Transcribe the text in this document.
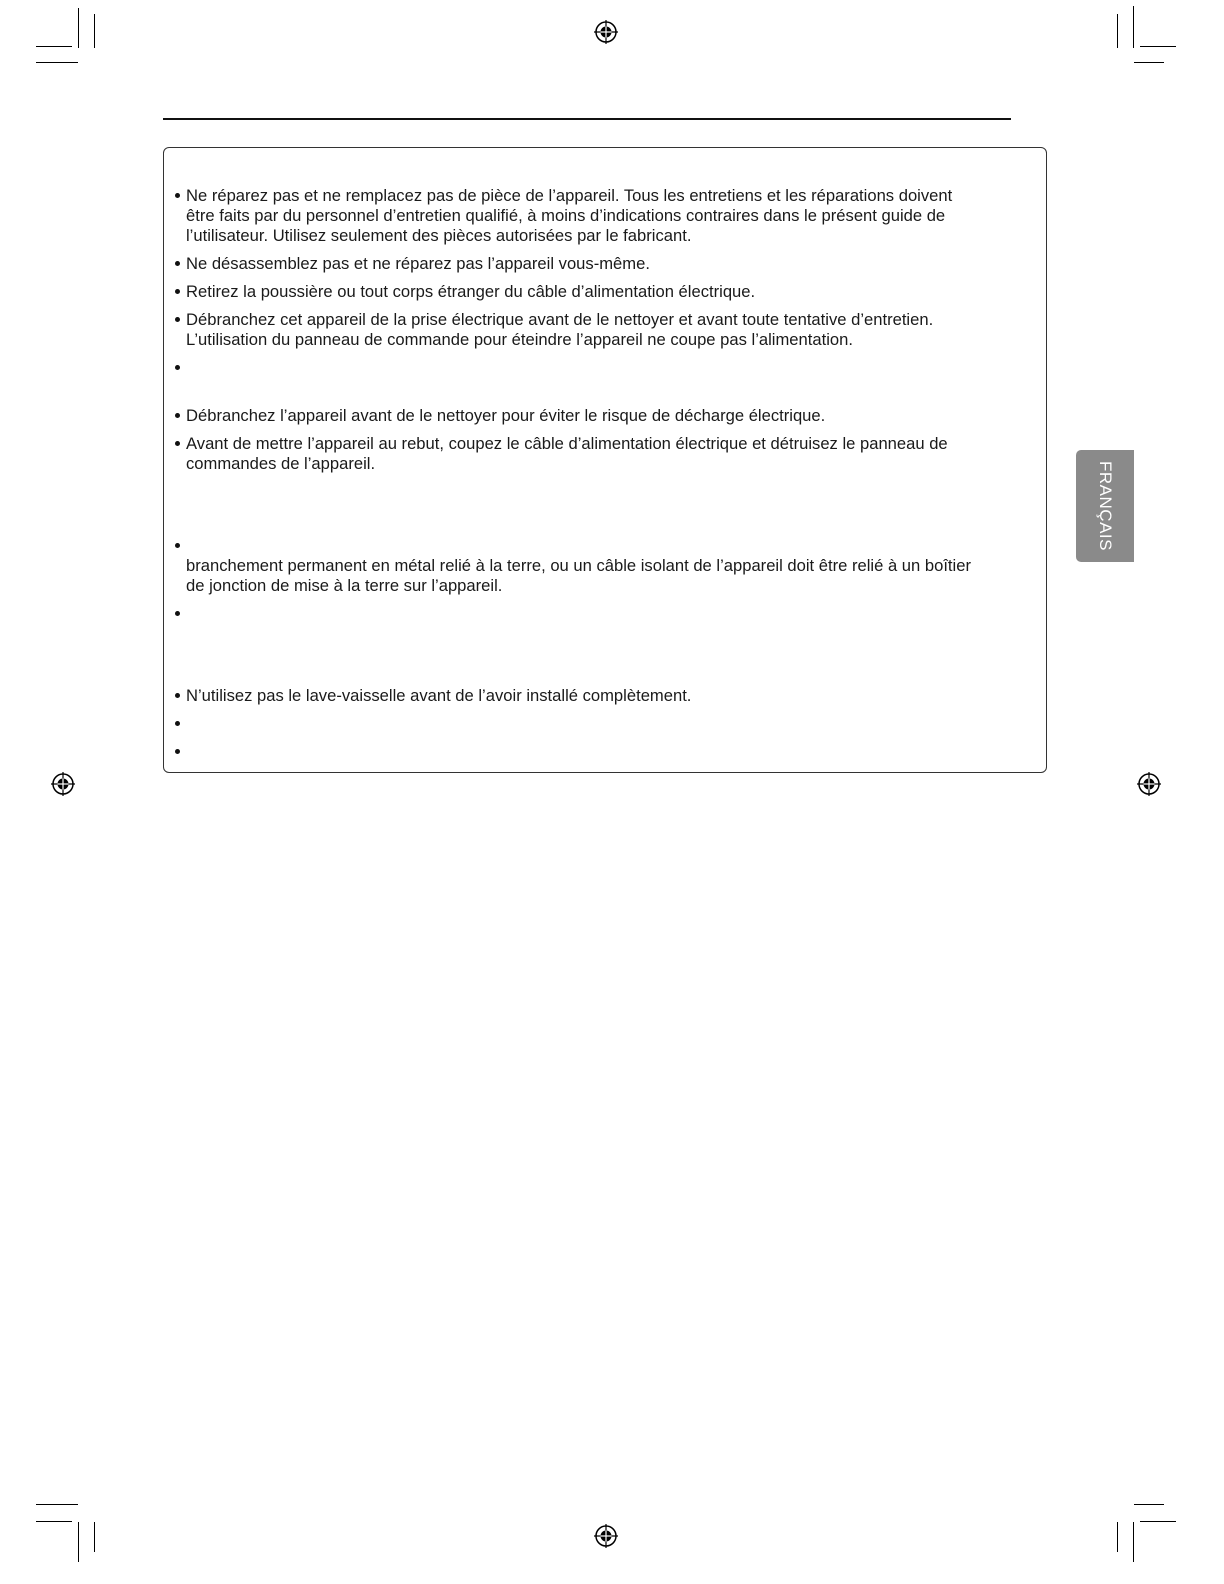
Ne réparez pas et ne remplacez pas de pièce de l’appareil. Tous les entretiens et les réparations doivent
être faits par du personnel d’entretien qualifié, à moins d’indications contraires dans le présent guide de
l’utilisateur. Utilisez seulement des pièces autorisées par le fabricant.
Ne désassemblez pas et ne réparez pas l’appareil vous-même.
Retirez la poussière ou tout corps étranger du câble d’alimentation électrique.
Débranchez cet appareil de la prise électrique avant de le nettoyer et avant toute tentative d’entretien.
L’utilisation du panneau de commande pour éteindre l’appareil ne coupe pas l’alimentation.
Débranchez l’appareil avant de le nettoyer pour éviter le risque de décharge électrique.
Avant de mettre l’appareil au rebut, coupez le câble d’alimentation électrique et détruisez le panneau de
commandes de l’appareil.

branchement permanent en métal relié à la terre, ou un câble isolant de l’appareil doit être relié à un boîtier
de jonction de mise à la terre sur l’appareil.
N’utilisez pas le lave-vaisselle avant de l’avoir installé complètement.
FRANÇAIS
